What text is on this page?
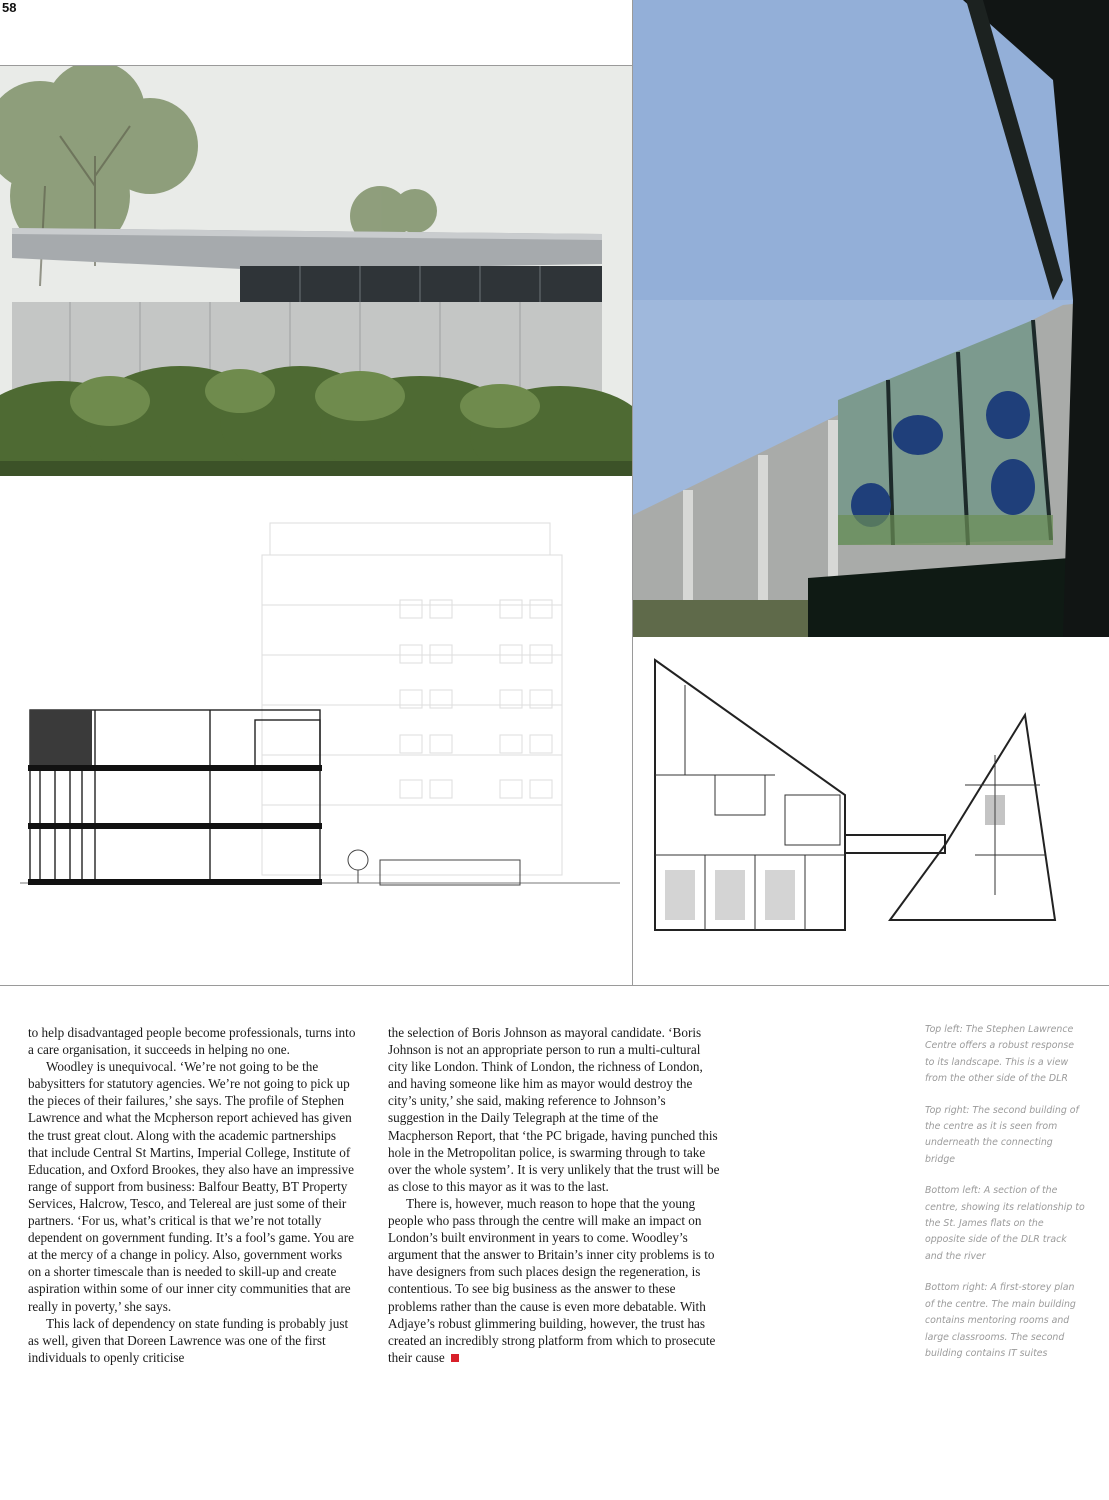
58

to help disadvantaged people become professionals, turns into a care organisation, it succeeds in helping no one.

Woodley is unequivocal. ‘We’re not going to be the babysitters for statutory agencies. We’re not going to pick up the pieces of their failures,’ she says. The profile of Stephen Lawrence and what the Mcpherson report achieved has given the trust great clout. Along with the academic partnerships that include Central St Martins, Imperial College, Institute of Education, and Oxford Brookes, they also have an impressive range of support from business: Balfour Beatty, BT Property Services, Halcrow, Tesco, and Telereal are just some of their partners. ‘For us, what’s critical is that we’re not totally dependent on government funding. It’s a fool’s game. You are at the mercy of a change in policy. Also, government works on a shorter timescale than is needed to skill-up and create aspiration within some of our inner city communities that are really in poverty,’ she says.

This lack of dependency on state funding is probably just as well, given that Doreen Lawrence was one of the first individuals to openly criticise

the selection of Boris Johnson as mayoral candidate. ‘Boris Johnson is not an appropriate person to run a multi-cultural city like London. Think of London, the richness of London, and having someone like him as mayor would destroy the city’s unity,’ she said, making reference to Johnson’s suggestion in the Daily Telegraph at the time of the Macpherson Report, that ‘the PC brigade, having punched this hole in the Metropolitan police, is swarming through to take over the whole system’. It is very unlikely that the trust will be as close to this mayor as it was to the last.

There is, however, much reason to hope that the young people who pass through the centre will make an impact on London’s built environment in years to come. Woodley’s argument that the answer to Britain’s inner city problems is to have designers from such places design the regeneration, is contentious. To see big business as the answer to these problems rather than the cause is even more debatable. With Adjaye’s robust glimmering building, however, the trust has created an incredibly strong platform from which to prosecute their cause

Top left: The Stephen Lawrence Centre offers a robust response to its landscape. This is a view from the other side of the DLR

Top right: The second building of the centre as it is seen from underneath the connecting bridge

Bottom left: A section of the centre, showing its relationship to the St. James flats on the opposite side of the DLR track and the river

Bottom right: A first-storey plan of the centre. The main building contains mentoring rooms and large classrooms. The second building contains IT suites
